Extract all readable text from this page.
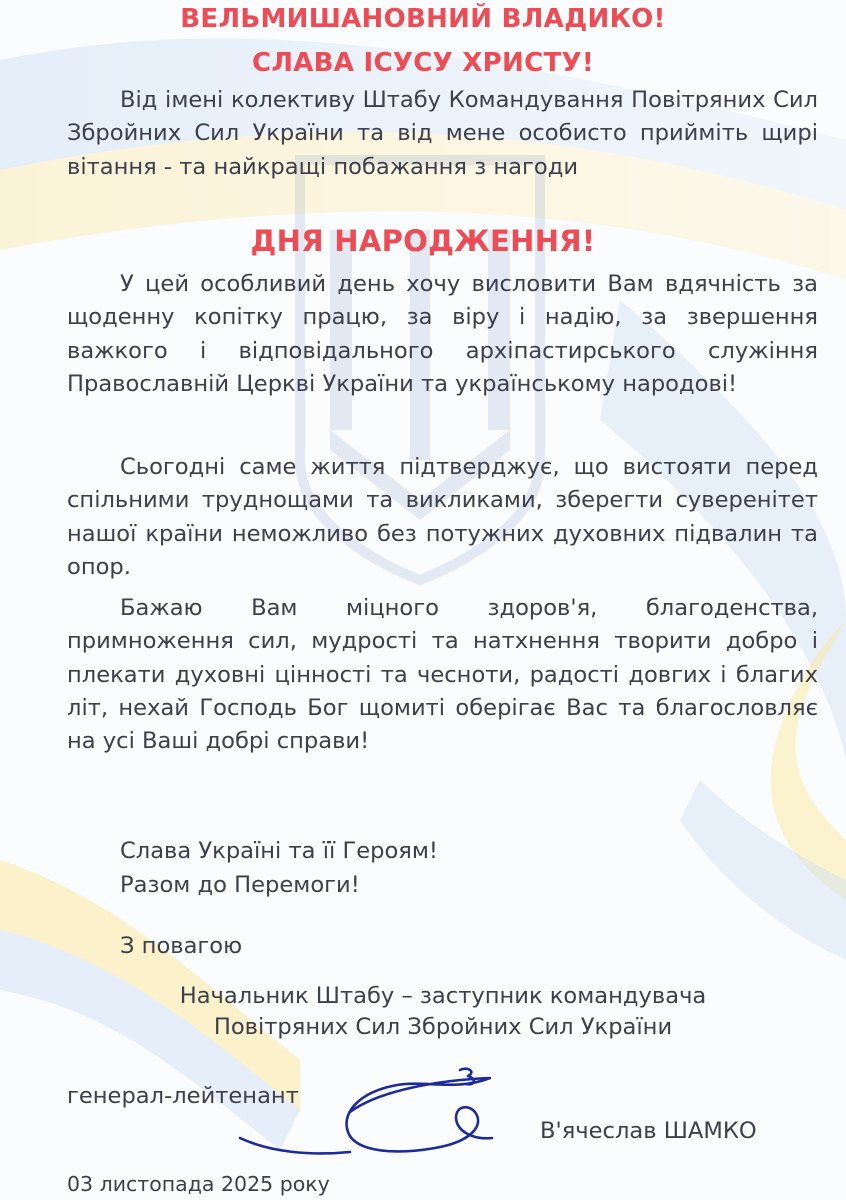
ВЕЛЬМИШАНОВНИЙ ВЛАДИКО!
СЛАВА ІСУСУ ХРИСТУ!

Від імені колективу Штабу Командування Повітряних Сил Збройних Сил України та від мене особисто прийміть щирі вітання - та найкращі побажання з нагоди

ДНЯ НАРОДЖЕННЯ!

У цей особливий день хочу висловити Вам вдячність за щоденну копітку працю, за віру і надію, за звершення важкого і відповідального архіпастирського служіння Православній Церкві України та українському народові!

Сьогодні саме життя підтверджує, що вистояти перед спільними труднощами та викликами, зберегти суверенітет нашої країни неможливо без потужних духовних підвалин та опор.

Бажаю Вам міцного здоров'я, благоденства, примноження сил, мудрості та натхнення творити добро і плекати духовні цінності та чесноти, радості довгих і благих літ, нехай Господь Бог щомиті оберігає Вас та благословляє на усі Ваші добрі справи!

Слава Україні та її Героям!
Разом до Перемоги!
З повагою
Начальник Штабу – заступник командувача
Повітряних Сил Збройних Сил України
генерал-лейтенант
В'ячеслав ШАМКО
03 листопада 2025 року
